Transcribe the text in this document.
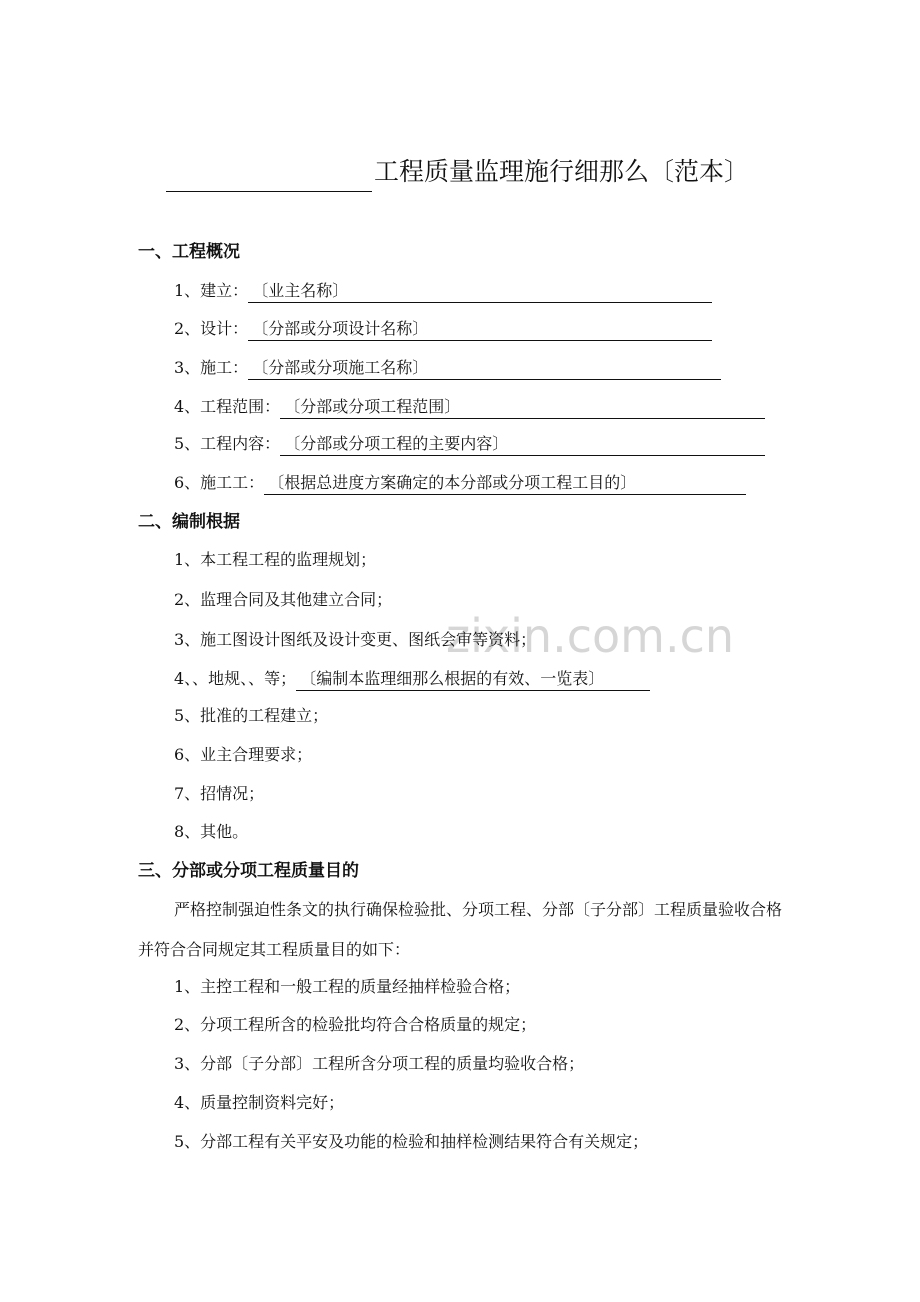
zixin.com.cn
工程质量监理施行细那么〔范本〕
一、工程概况
1、建立： 〔业主名称〕
2、设计： 〔分部或分项设计名称〕
3、施工： 〔分部或分项施工名称〕
4、工程范围： 〔分部或分项工程范围〕
5、工程内容： 〔分部或分项工程的主要内容〕
6、施工工： 〔根据总进度方案确定的本分部或分项工程工目的〕
二、编制根据
1、本工程工程的监理规划；
2、监理合同及其他建立合同；
3、施工图设计图纸及设计变更、图纸会审等资料；
4、、地规、、等； 〔编制本监理细那么根据的有效、一览表〕
5、批准的工程建立；
6、业主合理要求；
7、招情况；
8、其他。
三、分部或分项工程质量目的
严格控制强迫性条文的执行确保检验批、分项工程、分部〔子分部〕工程质量验收合格并符合合同规定其工程质量目的如下：
1、主控工程和一般工程的质量经抽样检验合格；
2、分项工程所含的检验批均符合合格质量的规定；
3、分部〔子分部〕工程所含分项工程的质量均验收合格；
4、质量控制资料完好；
5、分部工程有关平安及功能的检验和抽样检测结果符合有关规定；
